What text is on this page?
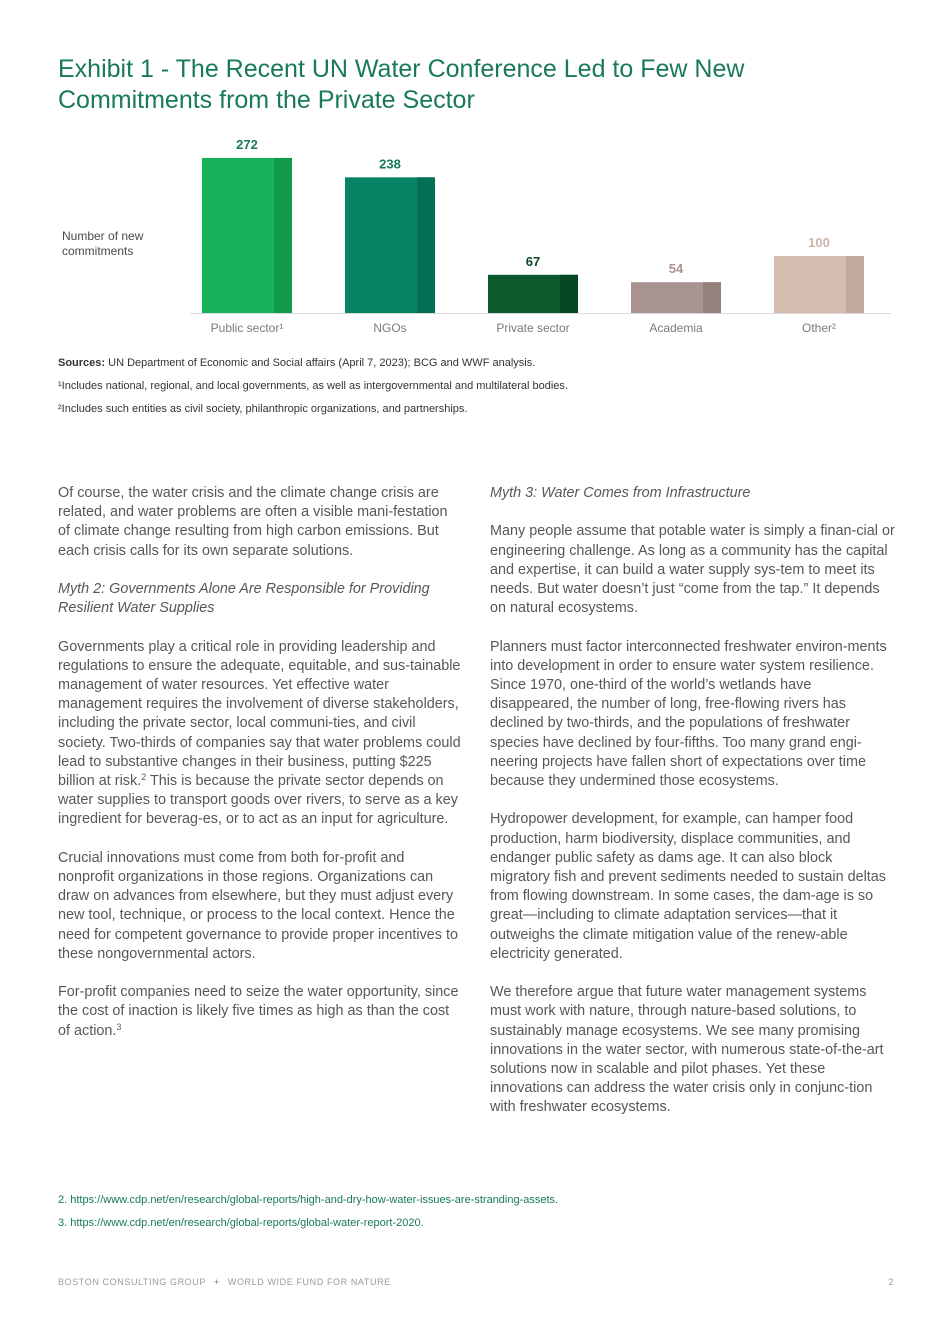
Exhibit 1 - The Recent UN Water Conference Led to Few New
Commitments from the Private Sector
Number of new commitments
272
Public sector¹
238
NGOs
67
Private sector
54
Academia
100
Other²

Sources: UN Department of Economic and Social affairs (April 7, 2023); BCG and WWF analysis.

¹Includes national, regional, and local governments, as well as intergovernmental and multilateral bodies.

²Includes such entities as civil society, philanthropic organizations, and partnerships.

Of course, the water crisis and the climate change crisis are related, and water problems are often a visible mani-festation of climate change resulting from high carbon emissions. But each crisis calls for its own separate solutions.

Myth 2: Governments Alone Are Responsible for Providing Resilient Water Supplies

Governments play a critical role in providing leadership and regulations to ensure the adequate, equitable, and sus-tainable management of water resources. Yet effective water management requires the involvement of diverse stakeholders, including the private sector, local communi-ties, and civil society. Two-thirds of companies say that water problems could lead to substantive changes in their business, putting $225 billion at risk.$^2$ This is because the private sector depends on water supplies to transport goods over rivers, to serve as a key ingredient for beverag-es, or to act as an input for agriculture.

Crucial innovations must come from both for-profit and nonprofit organizations in those regions. Organizations can draw on advances from elsewhere, but they must adjust every new tool, technique, or process to the local context. Hence the need for competent governance to provide proper incentives to these nongovernmental actors.

For-profit companies need to seize the water opportunity, since the cost of inaction is likely five times as high as than the cost of action.$^3$

Myth 3: Water Comes from Infrastructure

Many people assume that potable water is simply a finan-cial or engineering challenge. As long as a community has the capital and expertise, it can build a water supply sys-tem to meet its needs. But water doesn’t just “come from the tap.” It depends on natural ecosystems.

Planners must factor interconnected freshwater environ-ments into development in order to ensure water system resilience. Since 1970, one-third of the world’s wetlands have disappeared, the number of long, free-flowing rivers has declined by two-thirds, and the populations of freshwater species have declined by four-fifths. Too many grand engi-neering projects have fallen short of expectations over time because they undermined those ecosystems.

Hydropower development, for example, can hamper food production, harm biodiversity, displace communities, and endanger public safety as dams age. It can also block migratory fish and prevent sediments needed to sustain deltas from flowing downstream. In some cases, the dam-age is so great—including to climate adaptation services—that it outweighs the climate mitigation value of the renew-able electricity generated.

We therefore argue that future water management systems must work with nature, through nature-based solutions, to sustainably manage ecosystems. We see many promising innovations in the water sector, with numerous state-of-the-art solutions now in scalable and pilot phases. Yet these innovations can address the water crisis only in conjunc-tion with freshwater ecosystems.

2. https://www.cdp.net/en/research/global-reports/high-and-dry-how-water-issues-are-stranding-assets.

3. https://www.cdp.net/en/research/global-reports/global-water-report-2020.

BOSTON CONSULTING GROUP + WORLD WIDE FUND FOR NATURE	2
